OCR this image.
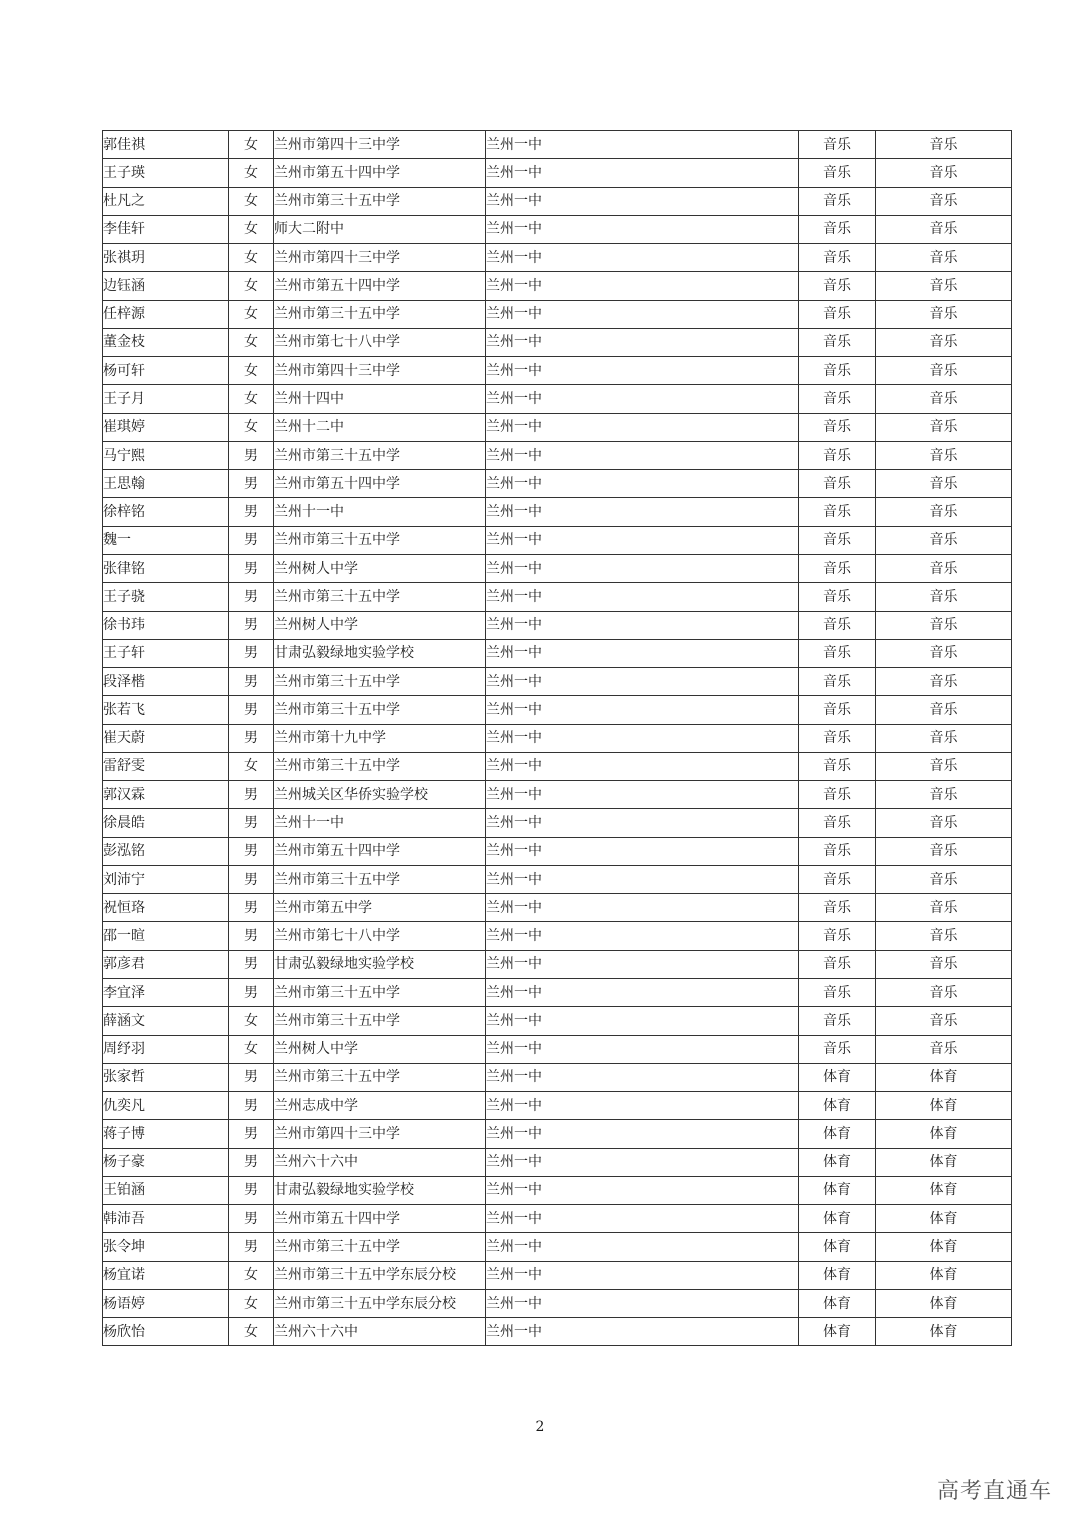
郭佳祺	女	兰州市第四十三中学	兰州一中	音乐	音乐
王子瑛	女	兰州市第五十四中学	兰州一中	音乐	音乐
杜凡之	女	兰州市第三十五中学	兰州一中	音乐	音乐
李佳轩	女	师大二附中	兰州一中	音乐	音乐
张祺玥	女	兰州市第四十三中学	兰州一中	音乐	音乐
边钰涵	女	兰州市第五十四中学	兰州一中	音乐	音乐
任梓源	女	兰州市第三十五中学	兰州一中	音乐	音乐
董金枝	女	兰州市第七十八中学	兰州一中	音乐	音乐
杨可轩	女	兰州市第四十三中学	兰州一中	音乐	音乐
王子月	女	兰州十四中	兰州一中	音乐	音乐
崔琪婷	女	兰州十二中	兰州一中	音乐	音乐
马宁熙	男	兰州市第三十五中学	兰州一中	音乐	音乐
王思翰	男	兰州市第五十四中学	兰州一中	音乐	音乐
徐梓铭	男	兰州十一中	兰州一中	音乐	音乐
魏一	男	兰州市第三十五中学	兰州一中	音乐	音乐
张律铭	男	兰州树人中学	兰州一中	音乐	音乐
王子骁	男	兰州市第三十五中学	兰州一中	音乐	音乐
徐书玮	男	兰州树人中学	兰州一中	音乐	音乐
王子轩	男	甘肃弘毅绿地实验学校	兰州一中	音乐	音乐
段泽楷	男	兰州市第三十五中学	兰州一中	音乐	音乐
张若飞	男	兰州市第三十五中学	兰州一中	音乐	音乐
崔天蔚	男	兰州市第十九中学	兰州一中	音乐	音乐
雷舒雯	女	兰州市第三十五中学	兰州一中	音乐	音乐
郭汉霖	男	兰州城关区华侨实验学校	兰州一中	音乐	音乐
徐晨皓	男	兰州十一中	兰州一中	音乐	音乐
彭泓铭	男	兰州市第五十四中学	兰州一中	音乐	音乐
刘沛宁	男	兰州市第三十五中学	兰州一中	音乐	音乐
祝恒珞	男	兰州市第五中学	兰州一中	音乐	音乐
邵一暄	男	兰州市第七十八中学	兰州一中	音乐	音乐
郭彦君	男	甘肃弘毅绿地实验学校	兰州一中	音乐	音乐
李宜泽	男	兰州市第三十五中学	兰州一中	音乐	音乐
薛涵文	女	兰州市第三十五中学	兰州一中	音乐	音乐
周纾羽	女	兰州树人中学	兰州一中	音乐	音乐
张家哲	男	兰州市第三十五中学	兰州一中	体育	体育
仇奕凡	男	兰州志成中学	兰州一中	体育	体育
蒋子博	男	兰州市第四十三中学	兰州一中	体育	体育
杨子豪	男	兰州六十六中	兰州一中	体育	体育
王铂涵	男	甘肃弘毅绿地实验学校	兰州一中	体育	体育
韩沛吾	男	兰州市第五十四中学	兰州一中	体育	体育
张令坤	男	兰州市第三十五中学	兰州一中	体育	体育
杨宜诺	女	兰州市第三十五中学东辰分校	兰州一中	体育	体育
杨语婷	女	兰州市第三十五中学东辰分校	兰州一中	体育	体育
杨欣怡	女	兰州六十六中	兰州一中	体育	体育
2
高考直通车
